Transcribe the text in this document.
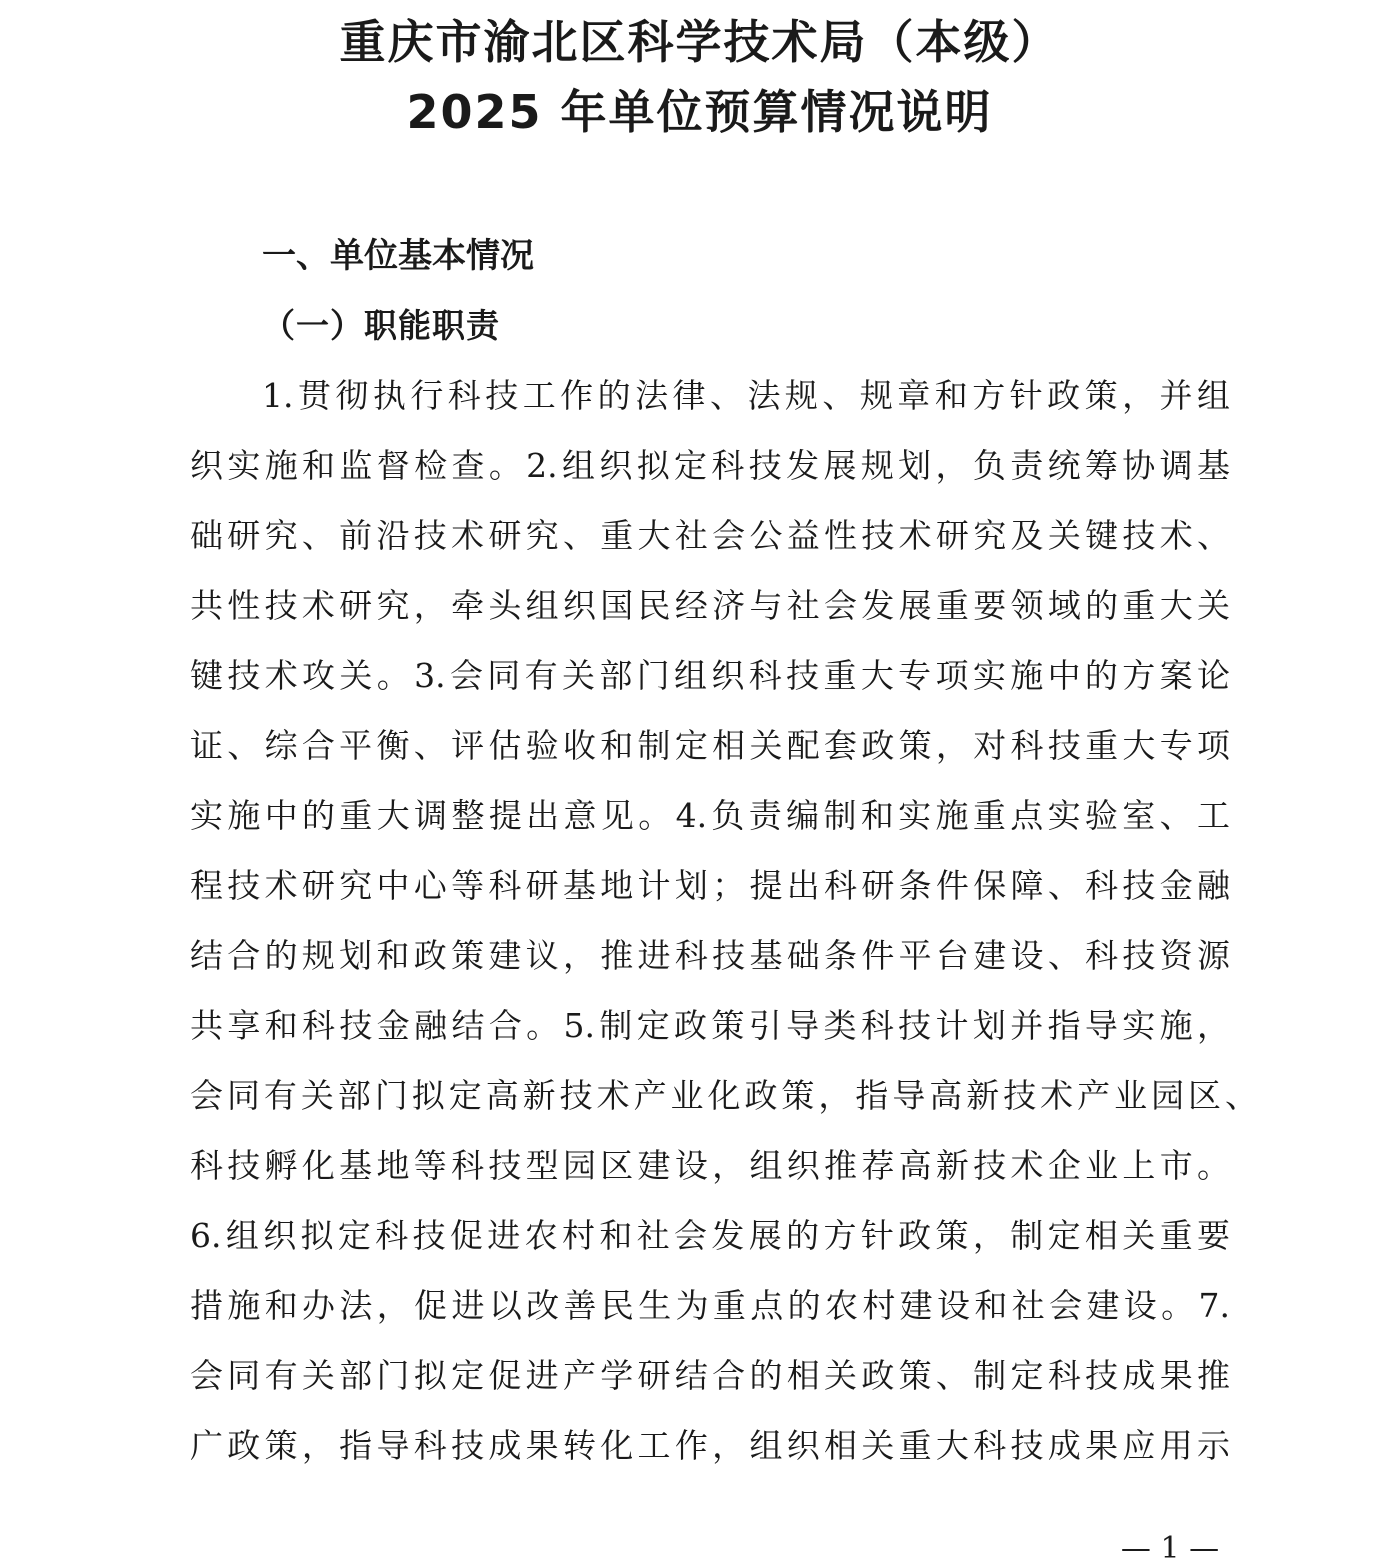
重庆市渝北区科学技术局（本级）
2025 年单位预算情况说明
一、单位基本情况
（一）职能职责

1.贯彻执行科技工作的法律、法规、规章和方针政策，并组

织实施和监督检查。2.组织拟定科技发展规划，负责统筹协调基

础研究、前沿技术研究、重大社会公益性技术研究及关键技术、

共性技术研究，牵头组织国民经济与社会发展重要领域的重大关

键技术攻关。3.会同有关部门组织科技重大专项实施中的方案论

证、综合平衡、评估验收和制定相关配套政策，对科技重大专项

实施中的重大调整提出意见。4.负责编制和实施重点实验室、工

程技术研究中心等科研基地计划；提出科研条件保障、科技金融

结合的规划和政策建议，推进科技基础条件平台建设、科技资源

共享和科技金融结合。5.制定政策引导类科技计划并指导实施，

会同有关部门拟定高新技术产业化政策，指导高新技术产业园区、

科技孵化基地等科技型园区建设，组织推荐高新技术企业上市。

6.组织拟定科技促进农村和社会发展的方针政策，制定相关重要

措施和办法，促进以改善民生为重点的农村建设和社会建设。7.

会同有关部门拟定促进产学研结合的相关政策、制定科技成果推

广政策，指导科技成果转化工作，组织相关重大科技成果应用示

— 1 —
